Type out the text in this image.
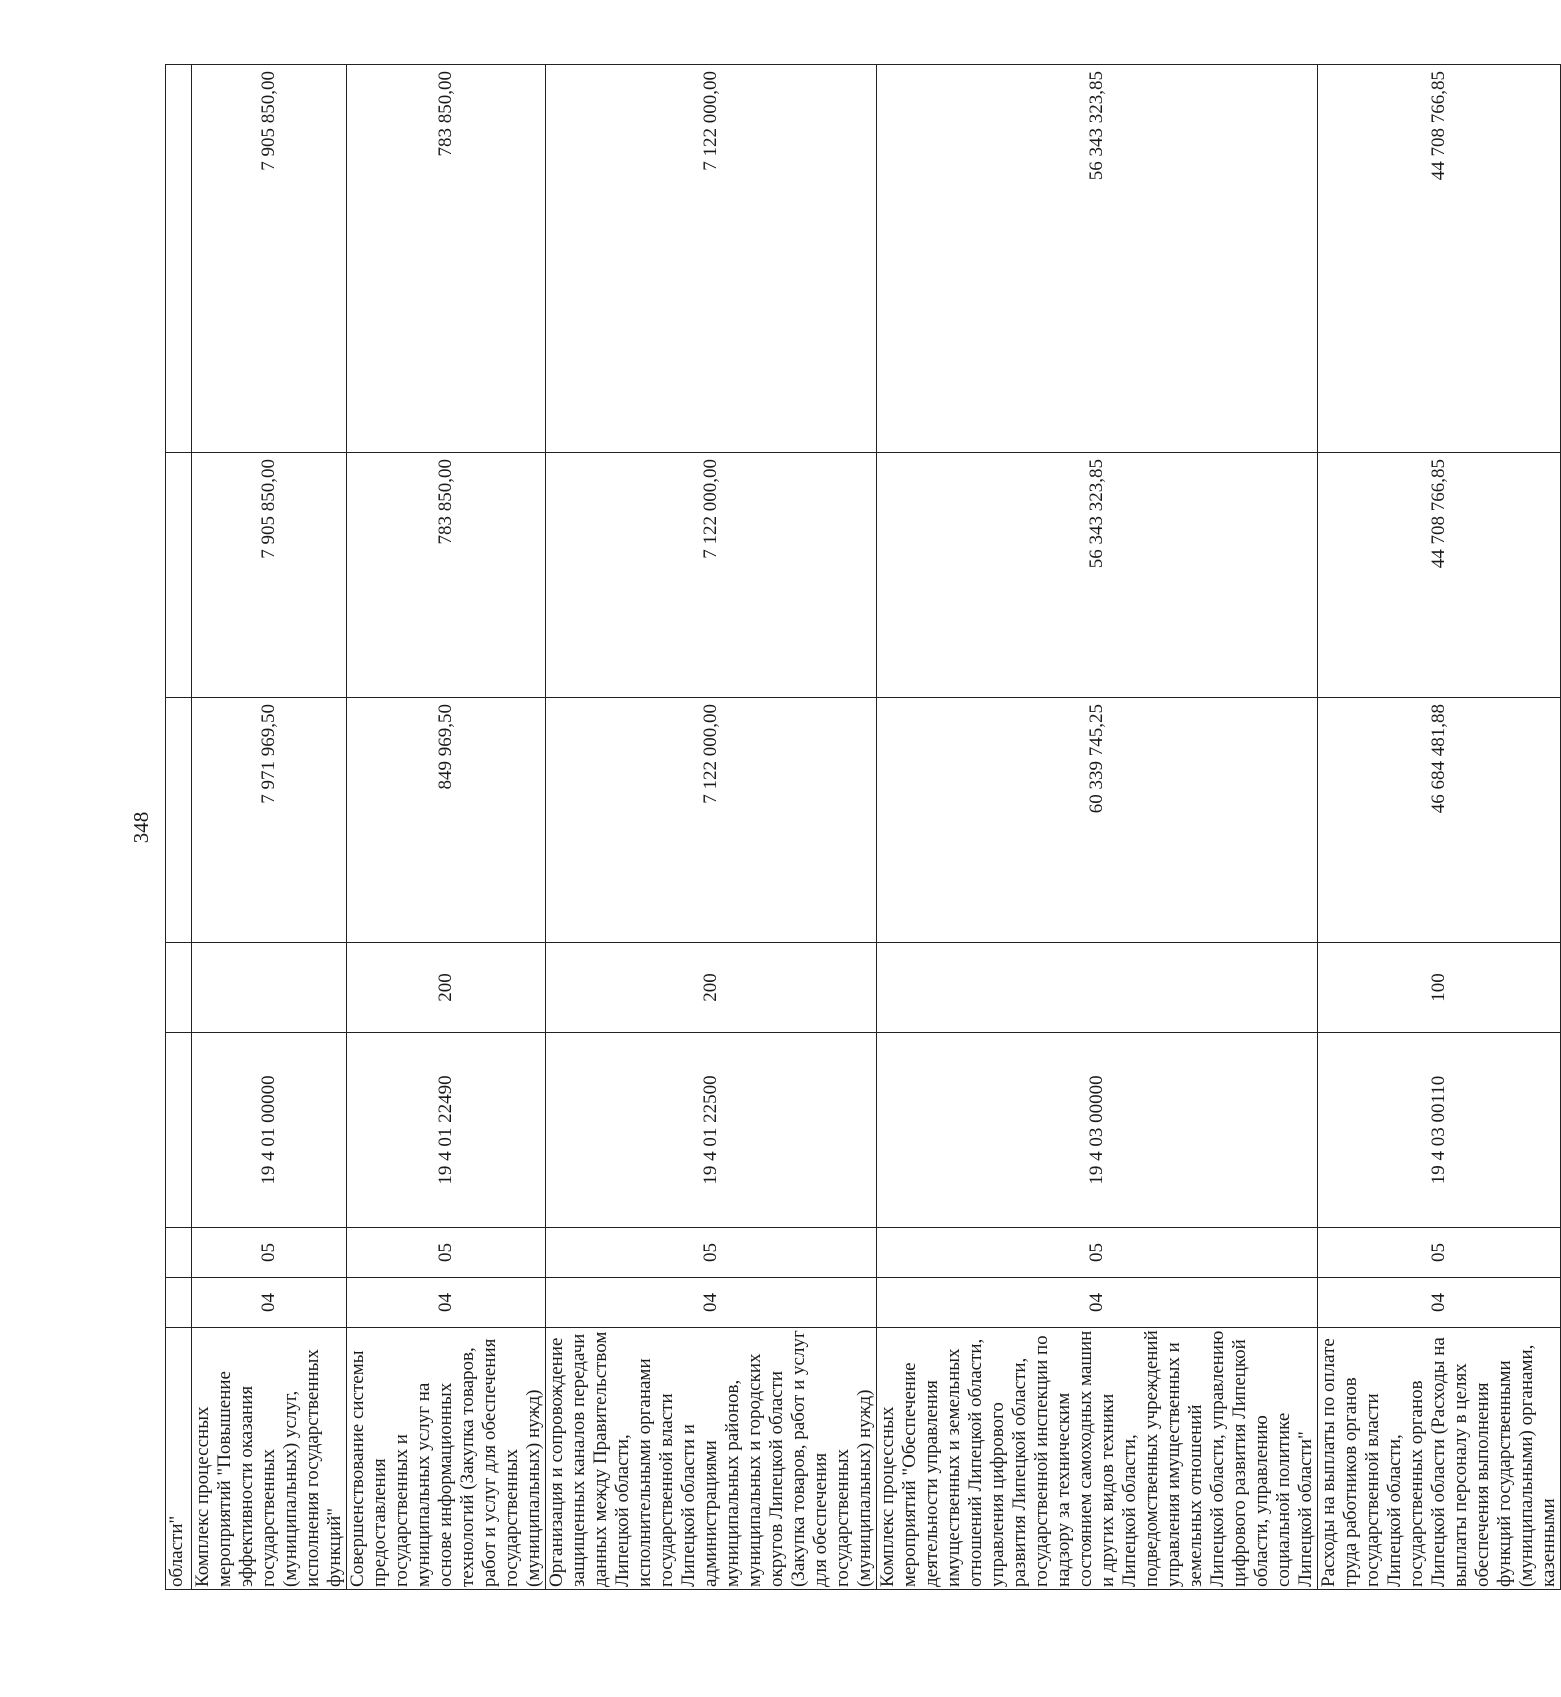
348
области"							
Комплекс процессных мероприятий "Повышение эффективности оказания государственных (муниципальных) услуг, исполнения государственных функций"	04	05	19 4 01 00000		7 971 969,50	7 905 850,00	7 905 850,00
Совершенствование системы предоставления государственных и муниципальных услуг на основе информационных технологий (Закупка товаров, работ и услуг для обеспечения государственных (муниципальных) нужд)	04	05	19 4 01 22490	200	849 969,50	783 850,00	783 850,00
Организация и сопровождение защищенных каналов передачи данных между Правительством Липецкой области, исполнительными органами государственной власти Липецкой области и администрациями муниципальных районов, муниципальных и городских округов Липецкой области (Закупка товаров, работ и услуг для обеспечения государственных (муниципальных) нужд)	04	05	19 4 01 22500	200	7 122 000,00	7 122 000,00	7 122 000,00
Комплекс процессных мероприятий "Обеспечение деятельности управления имущественных и земельных отношений Липецкой области, управления цифрового развития Липецкой области, государственной инспекции по надзору за техническим состоянием самоходных машин и других видов техники Липецкой области, подведомственных учреждений управления имущественных и земельных отношений Липецкой области, управлению цифрового развития Липецкой области, управлению социальной политике Липецкой области"	04	05	19 4 03 00000		60 339 745,25	56 343 323,85	56 343 323,85
Расходы на выплаты по оплате труда работников органов государственной власти Липецкой области, государственных органов Липецкой области (Расходы на выплаты персоналу в целях обеспечения выполнения функций государственными (муниципальными) органами, казенными	04	05	19 4 03 00110	100	46 684 481,88	44 708 766,85	44 708 766,85
